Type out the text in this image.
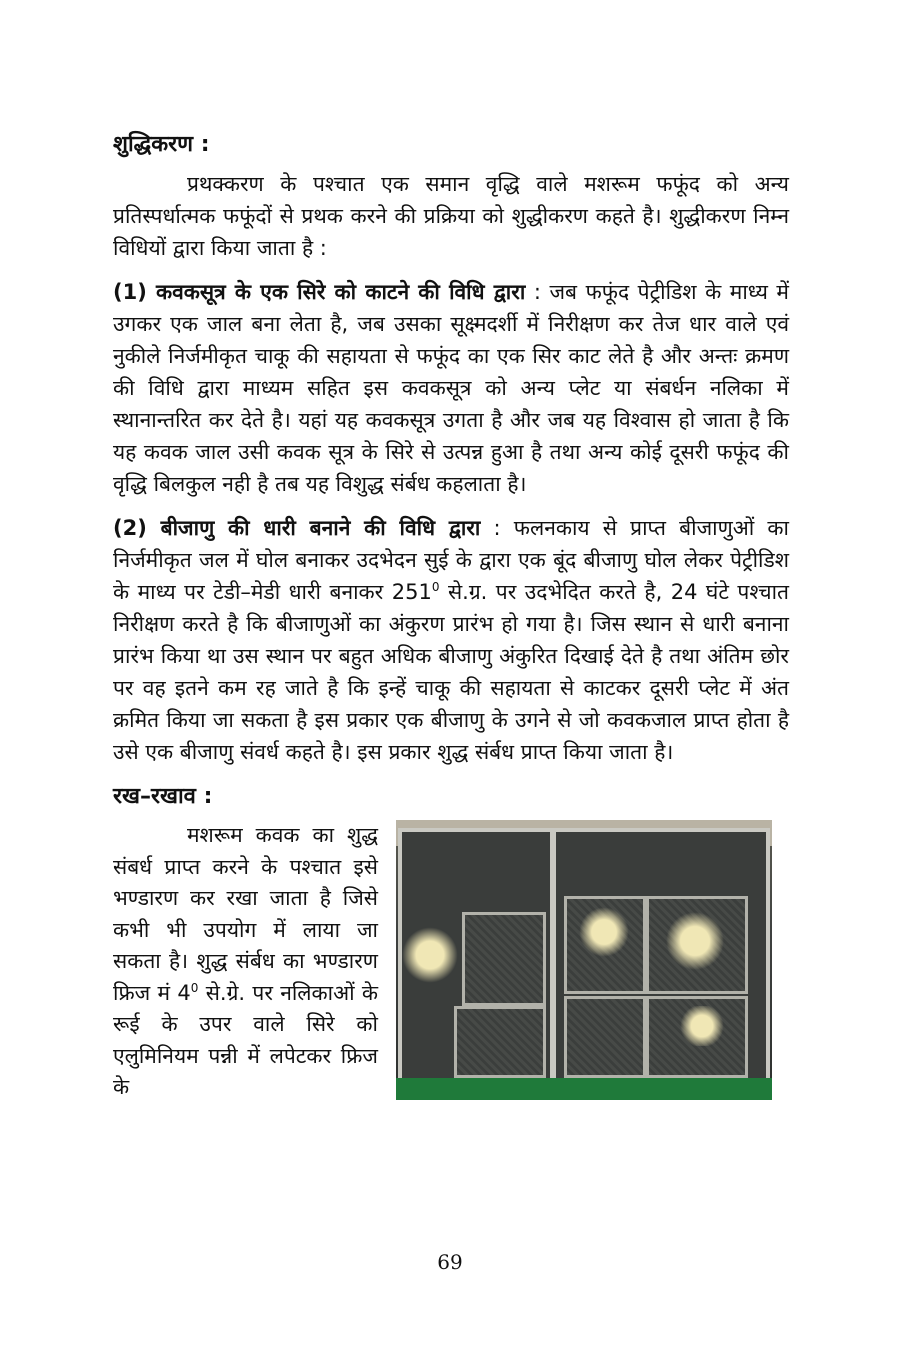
शुद्धिकरण :

प्रथक्करण के पश्चात एक समान वृद्धि वाले मशरूम फफूंद को अन्य प्रतिस्पर्धात्मक फफूंदों से प्रथक करने की प्रक्रिया को शुद्धीकरण कहते है। शुद्धीकरण निम्न विधियों द्वारा किया जाता है :

(1) कवकसूत्र के एक सिरे को काटने की विधि द्वारा : जब फफूंद पेट्रीडिश के माध्य में उगकर एक जाल बना लेता है, जब उसका सूक्ष्मदर्शी में निरीक्षण कर तेज धार वाले एवं नुकीले निर्जमीकृत चाकू की सहायता से फफूंद का एक सिर काट लेते है और अन्तः क्रमण की विधि द्वारा माध्यम सहित इस कवकसूत्र को अन्य प्लेट या संबर्धन नलिका में स्थानान्तरित कर देते है। यहां यह कवकसूत्र उगता है और जब यह विश्वास हो जाता है कि यह कवक जाल उसी कवक सूत्र के सिरे से उत्पन्न हुआ है तथा अन्य कोई दूसरी फफूंद की वृद्धि बिलकुल नही है तब यह विशुद्ध संर्बध कहलाता है।

(2) बीजाणु की धारी बनाने की विधि द्वारा : फलनकाय से प्राप्त बीजाणुओं का निर्जमीकृत जल में घोल बनाकर उदभेदन सुई के द्वारा एक बूंद बीजाणु घोल लेकर पेट्रीडिश के माध्य पर टेडी–मेडी धारी बनाकर $251^0$ से.ग्र. पर उदभेदित करते है, 24 घंटे पश्चात निरीक्षण करते है कि बीजाणुओं का अंकुरण प्रारंभ हो गया है। जिस स्थान से धारी बनाना प्रारंभ किया था उस स्थान पर बहुत अधिक बीजाणु अंकुरित दिखाई देते है तथा अंतिम छोर पर वह इतने कम रह जाते है कि इन्हें चाकू की सहायता से काटकर दूसरी प्लेट में अंत क्रमित किया जा सकता है इस प्रकार एक बीजाणु के उगने से जो कवकजाल प्राप्त होता है उसे एक बीजाणु संवर्ध कहते है। इस प्रकार शुद्ध संर्बध प्राप्त किया जाता है।

रख–रखाव :

मशरूम कवक का शुद्ध संबर्ध प्राप्त करने के पश्चात इसे भण्डारण कर रखा जाता है जिसे कभी भी उपयोग में लाया जा सकता है। शुद्ध संर्बध का भण्डारण फ्रिज मं $4^0$ से.ग्रे. पर नलिकाओं के रूई के उपर वाले सिरे को एलुमिनियम पन्नी में लपेटकर फ्रिज के

69
